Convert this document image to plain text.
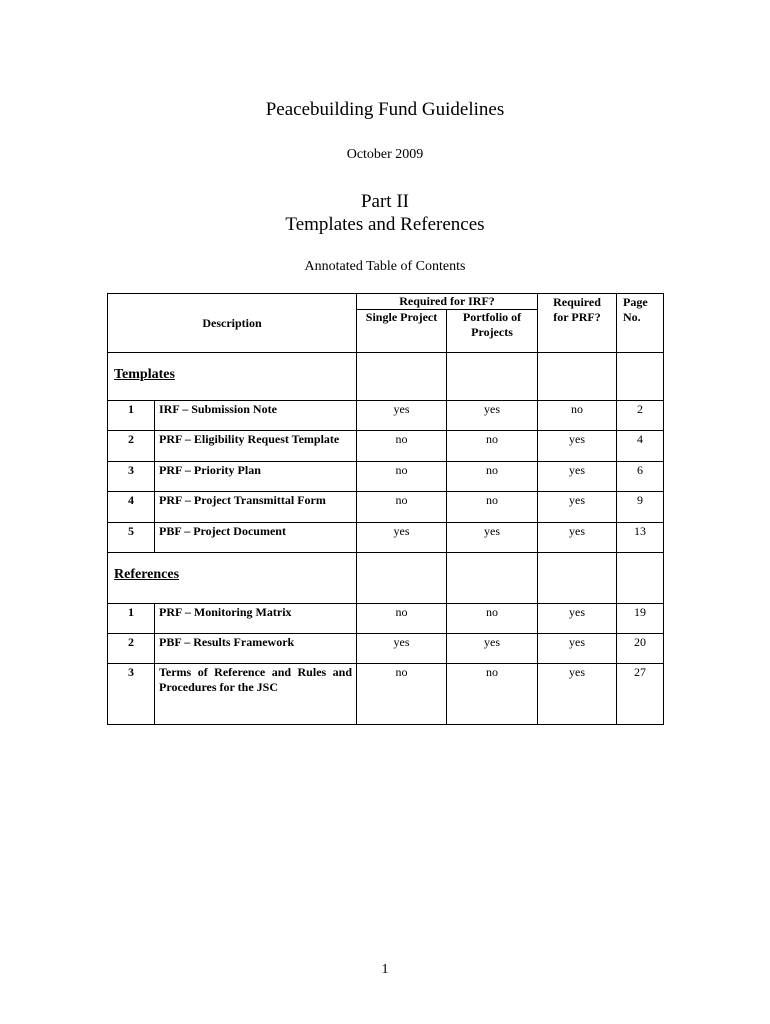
Peacebuilding Fund Guidelines
October 2009
Part II
Templates and References
Annotated Table of Contents
Description		Required for IRF?		Required for PRF?	Page No.

		Single Project	Portfolio of Projects		

Templates					
1	IRF – Submission Note	yes	yes	no	2
2	PRF – Eligibility Request Template	no	no	yes	4
3	PRF – Priority Plan	no	no	yes	6
4	PRF – Project Transmittal Form	no	no	yes	9
5	PBF – Project Document	yes	yes	yes	13
References					
1	PRF – Monitoring Matrix	no	no	yes	19
2	PBF – Results Framework	yes	yes	yes	20
3	Terms of Reference and Rules and Procedures for the JSC	no	no	yes	27
1
